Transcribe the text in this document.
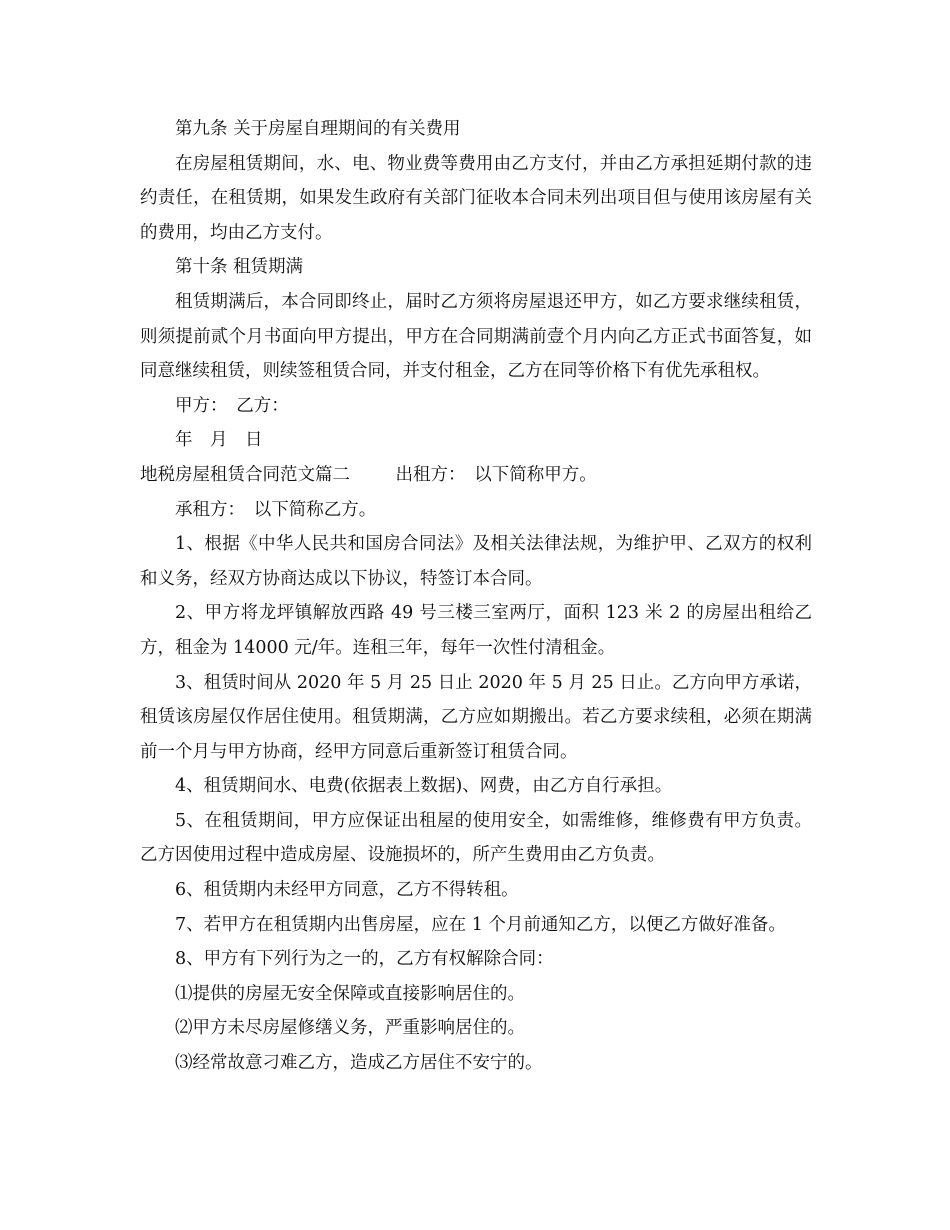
第九条 关于房屋自理期间的有关费用

在房屋租赁期间，水、电、物业费等费用由乙方支付，并由乙方承担延期付款的违约责任，在租赁期，如果发生政府有关部门征收本合同未列出项目但与使用该房屋有关的费用，均由乙方支付。

第十条 租赁期满

租赁期满后，本合同即终止，届时乙方须将房屋退还甲方，如乙方要求继续租赁，则须提前贰个月书面向甲方提出，甲方在合同期满前壹个月内向乙方正式书面答复，如同意继续租赁，则续签租赁合同，并支付租金，乙方在同等价格下有优先承租权。

甲方：　乙方：

年　月　日

地税房屋租赁合同范文篇二	出租方：　以下简称甲方。

承租方：　以下简称乙方。

1、根据《中华人民共和国房合同法》及相关法律法规，为维护甲、乙双方的权利和义务，经双方协商达成以下协议，特签订本合同。

2、甲方将龙坪镇解放西路 49 号三楼三室两厅，面积 123 米 2 的房屋出租给乙方，租金为 14000 元/年。连租三年，每年一次性付清租金。

3、租赁时间从 2020 年 5 月 25 日止 2020 年 5 月 25 日止。乙方向甲方承诺，租赁该房屋仅作居住使用。租赁期满，乙方应如期搬出。若乙方要求续租，必须在期满前一个月与甲方协商，经甲方同意后重新签订租赁合同。

4、租赁期间水、电费(依据表上数据)、网费，由乙方自行承担。

5、在租赁期间，甲方应保证出租屋的使用安全，如需维修，维修费有甲方负责。乙方因使用过程中造成房屋、设施损坏的，所产生费用由乙方负责。

6、租赁期内未经甲方同意，乙方不得转租。

7、若甲方在租赁期内出售房屋，应在 1 个月前通知乙方，以便乙方做好准备。

8、甲方有下列行为之一的，乙方有权解除合同：

⑴提供的房屋无安全保障或直接影响居住的。

⑵甲方未尽房屋修缮义务，严重影响居住的。

⑶经常故意刁难乙方，造成乙方居住不安宁的。
